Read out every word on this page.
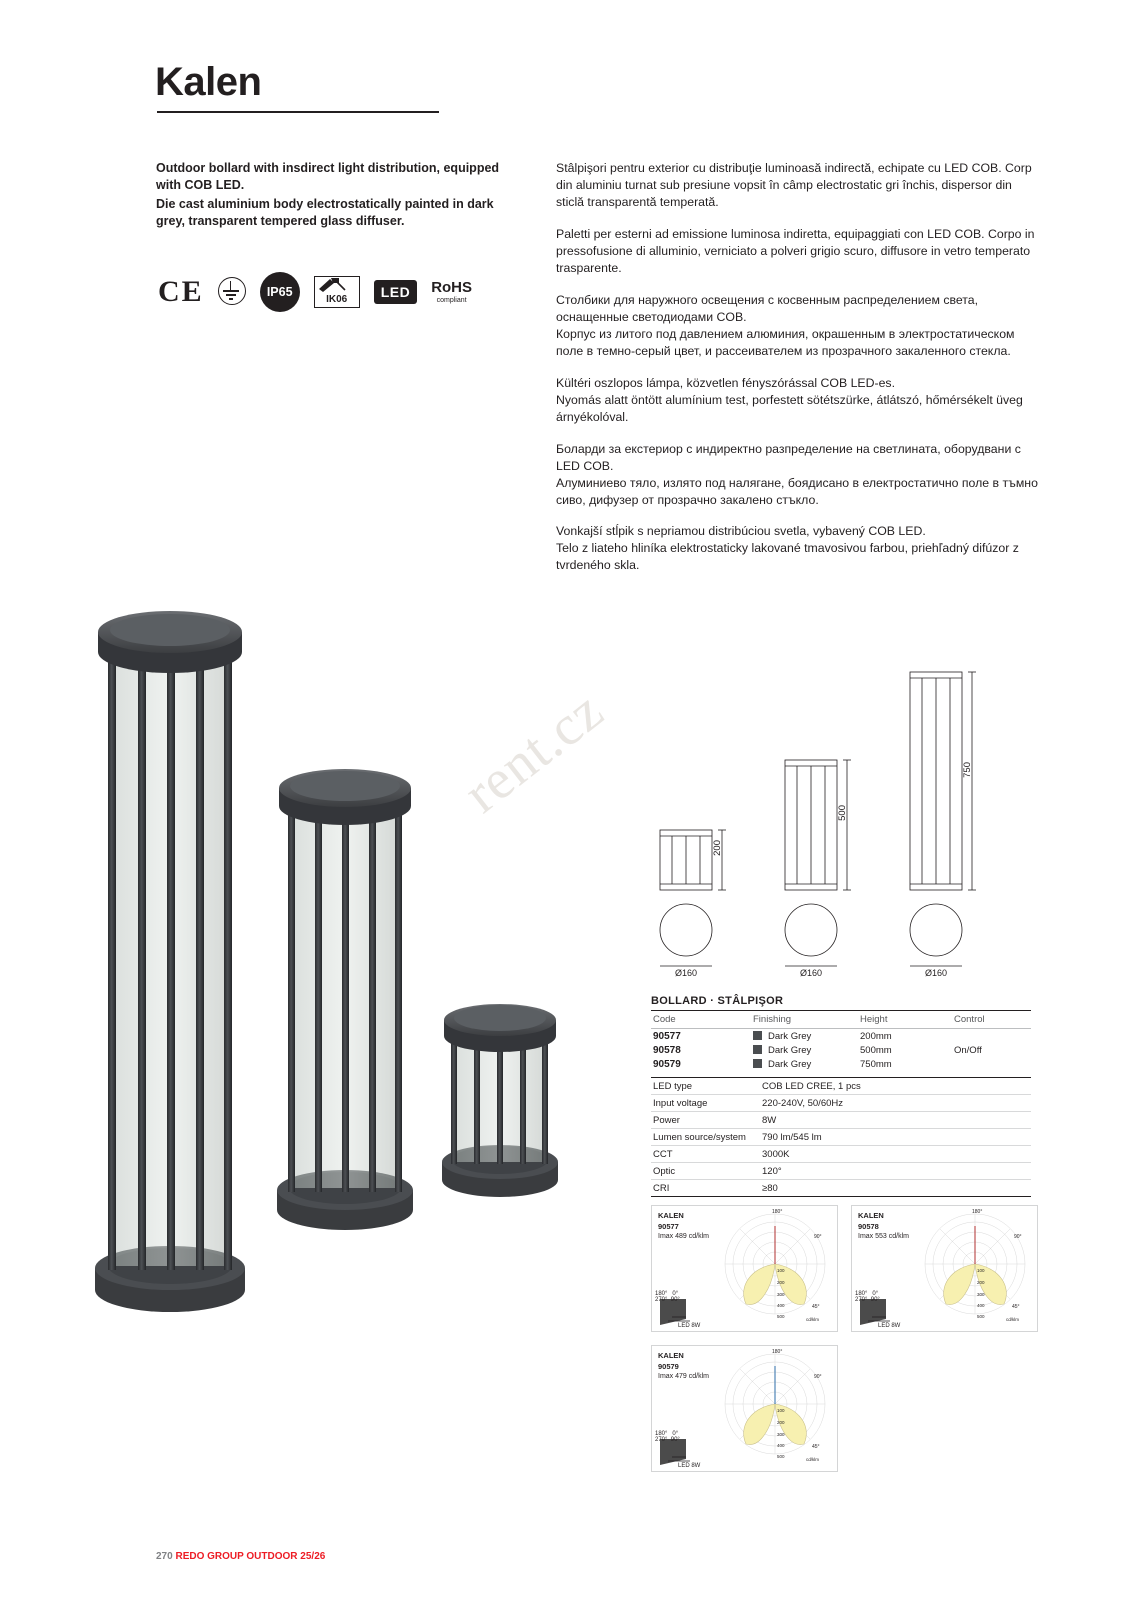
Kalen

Outdoor bollard with insdirect light distribution, equipped with COB LED.

Die cast aluminium body electrostatically painted in dark grey, transparent tempered glass diffuser.

CE	IP65
IK06	LED	RoHS
compliant
Stâlpişori pentru exterior cu distribuţie luminoasă indirectă, echipate cu LED COB. Corp din aluminiu turnat sub presiune vopsit în câmp electrostatic gri închis, dispersor din sticlă transparentă temperată.
Paletti per esterni ad emissione luminosa indiretta, equipaggiati con LED COB. Corpo in pressofusione di alluminio, verniciato a polveri grigio scuro, diffusore in vetro temperato trasparente.
Столбики для наружного освещения с косвенным распределением света, оснащенные светодиодами COB.
Корпус из литого под давлением алюминия, окрашенным в электростатическом поле в темно-серый цвет, и рассеивателем из прозрачного закаленного стекла.
Kültéri oszlopos lámpa, közvetlen fényszórással COB LED-es.
Nyomás alatt öntött alumínium test, porfestett sötétszürke, átlátszó, hőmérsékelt üveg árnyékolóval.
Боларди за екстериор с индиректно разпределение на светлината, оборудвани с LED COB.
Алуминиево тяло, излято под налягане, боядисано в електростатично поле в тъмно сиво, дифузер от прозрачно закалено стъкло.
Vonkajší stĺpik s nepriamou distribúciou svetla, vybavený COB LED.
Telo z liateho hliníka elektrostaticky lakované tmavosivou farbou, priehľadný difúzor z tvrdeného skla.
rent.cz
200
500
750
Ø160	Ø160	Ø160
BOLLARD · STÂLPIŞOR
Code	Finishing	Height	Control
90577	Dark Grey	200mm	
90578	Dark Grey	500mm	On/Off
90579	Dark Grey	750mm	
LED type	COB LED CREE, 1 pcs
Input voltage	220-240V, 50/60Hz
Power	8W
Lumen source/system	790 lm/545 lm
CCT	3000K
Optic	120°
CRI	≥80
KALEN
90577
Imax 489 cd/klm
180°
90°
45°
100
200
300
400
500
cd/klm
LED 8W
180°   0°
270°  90°
KALEN
90578
Imax 553 cd/klm
180°
90°
45°
100
200
300
400
500
cd/klm
LED 8W
180°   0°
270°  90°
KALEN
90579
Imax 479 cd/klm
180°
90°
45°
100
200
300
400
500
cd/klm
LED 8W
180°   0°
270°  90°
270 REDO GROUP OUTDOOR 25/26
